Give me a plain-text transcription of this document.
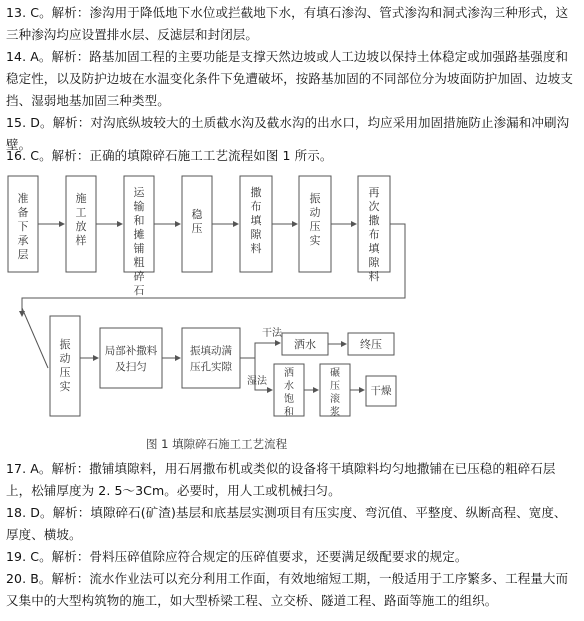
13. C。解析：渗沟用于降低地下水位或拦截地下水，有填石渗沟、管式渗沟和洞式渗沟三种形式，这三种渗沟均应设置排水层、反滤层和封闭层。

14. A。解析：路基加固工程的主要功能是支撑天然边坡或人工边坡以保持土体稳定或加强路基强度和稳定性，以及防护边坡在水温变化条件下免遭破坏，按路基加固的不同部位分为坡面防护加固、边坡支挡、湿弱地基加固三种类型。

15. D。解析：对沟底纵坡较大的土质截水沟及截水沟的出水口，均应采用加固措施防止渗漏和冲刷沟壁。

16. C。解析：正确的填隙碎石施工工艺流程如图 1 所示。

准备下承层
施工放样
运输和摊铺粗碎石
稳压
撒布填隙料
振动压实
再次撒布填隙料
振动压实
局部补撒料
及扫匀
振填动满
压孔实隙
干法
湿法
洒水	终压
洒水饱和
碾压滚浆
干燥
图 1 填隙碎石施工工艺流程

17. A。解析：撒铺填隙料，用石屑撒布机或类似的设备将干填隙料均匀地撒铺在已压稳的粗碎石层上，松铺厚度为 2. 5～3Cm。必要时，用人工或机械扫匀。

18. D。解析：填隙碎石(矿渣)基层和底基层实测项目有压实度、弯沉值、平整度、纵断高程、宽度、厚度、横坡。

19. C。解析：骨料压碎值除应符合规定的压碎值要求，还要满足级配要求的规定。

20. B。解析：流水作业法可以充分利用工作面，有效地缩短工期，一般适用于工序繁多、工程量大而又集中的大型构筑物的施工，如大型桥梁工程、立交桥、隧道工程、路面等施工的组织。
